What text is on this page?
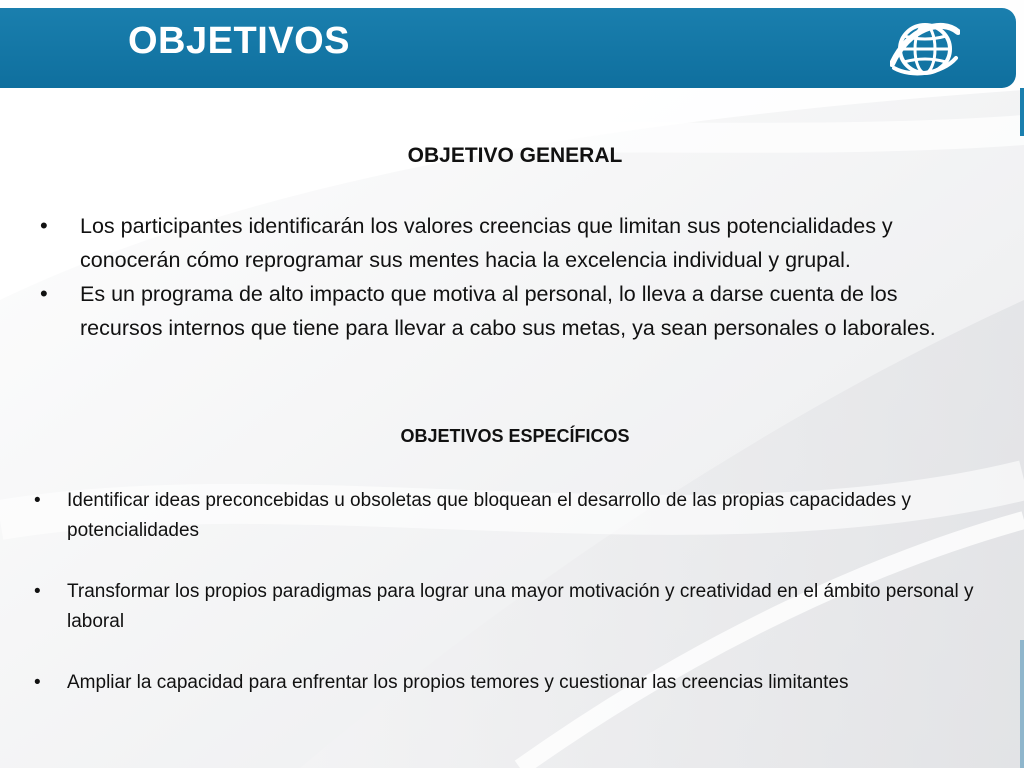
OBJETIVOS
OBJETIVO GENERAL
• Los participantes identificarán los valores creencias que limitan sus potencialidades y conocerán cómo reprogramar sus mentes hacia la excelencia individual y grupal.
• Es un programa de alto impacto que motiva al personal, lo lleva a darse cuenta de los recursos internos que tiene para llevar a cabo sus metas, ya sean personales o laborales.
OBJETIVOS ESPECÍFICOS
• Identificar ideas preconcebidas u obsoletas que bloquean el desarrollo de las propias capacidades y potencialidades
• Transformar los propios paradigmas para lograr una mayor motivación y creatividad en el ámbito personal y laboral
• Ampliar la capacidad para enfrentar los propios temores y cuestionar las creencias limitantes
